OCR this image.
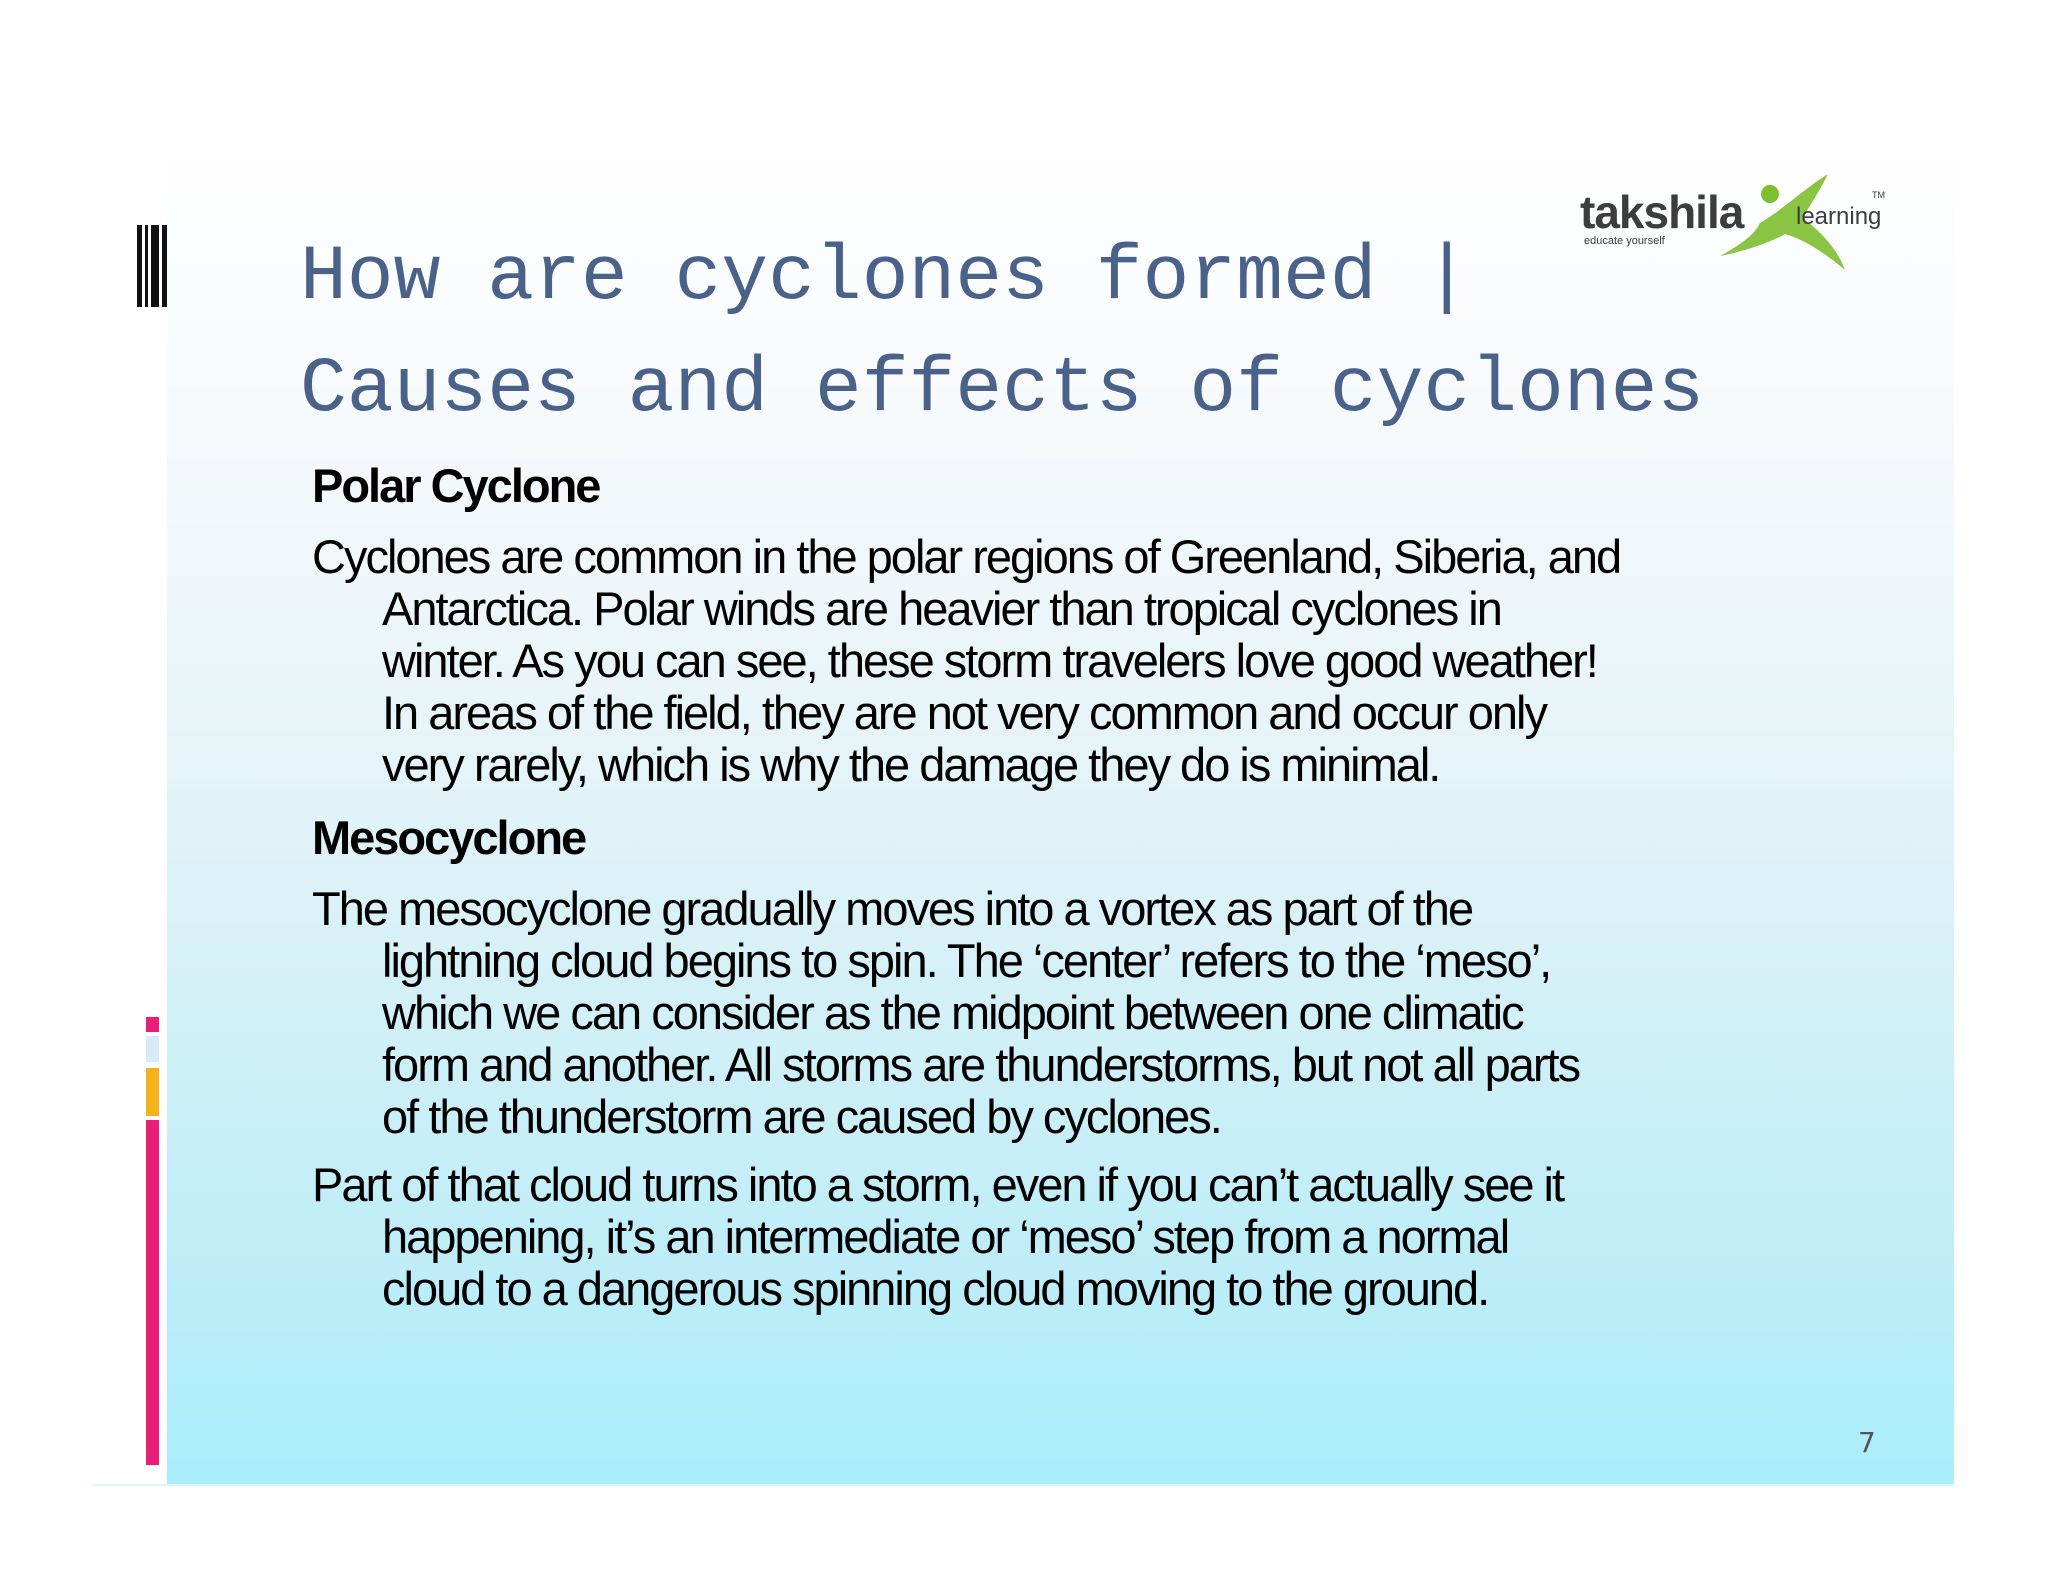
How are cyclones formed |
Causes and effects of cyclones
takshila learning
educate yourself
TM
Polar Cyclone
Cyclones are common in the polar regions of Greenland, Siberia, and
Antarctica. Polar winds are heavier than tropical cyclones in
winter. As you can see, these storm travelers love good weather!
In areas of the field, they are not very common and occur only
very rarely, which is why the damage they do is minimal.
Mesocyclone
The mesocyclone gradually moves into a vortex as part of the
lightning cloud begins to spin. The ‘center’ refers to the ‘meso’,
which we can consider as the midpoint between one climatic
form and another. All storms are thunderstorms, but not all parts
of the thunderstorm are caused by cyclones.
Part of that cloud turns into a storm, even if you can’t actually see it
happening, it’s an intermediate or ‘meso’ step from a normal
cloud to a dangerous spinning cloud moving to the ground.
7
